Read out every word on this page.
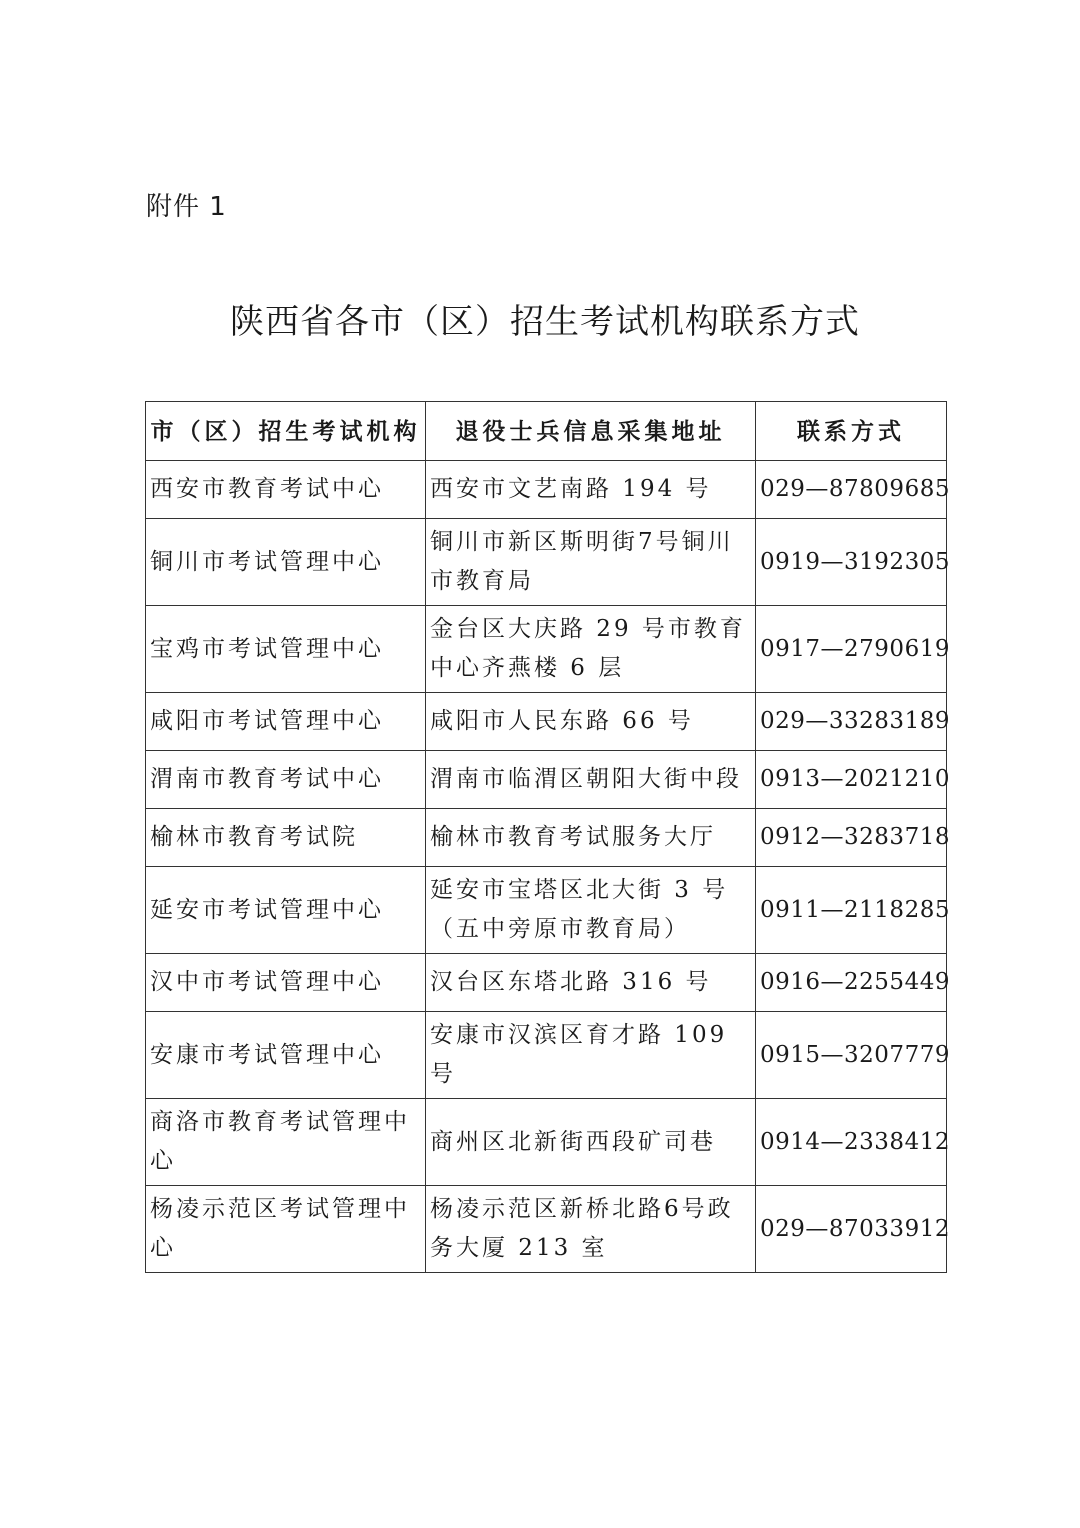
附件 1
陕西省各市（区）招生考试机构联系方式
市（区）招生考试机构	退役士兵信息采集地址	联系方式
西安市教育考试中心	西安市文艺南路 194 号	029—87809685
铜川市考试管理中心	铜川市新区斯明街7号铜川市教育局	0919—3192305
宝鸡市考试管理中心	金台区大庆路 29 号市教育中心齐燕楼 6 层	0917—2790619
咸阳市考试管理中心	咸阳市人民东路 66 号	029—33283189
渭南市教育考试中心	渭南市临渭区朝阳大街中段	0913—2021210
榆林市教育考试院	榆林市教育考试服务大厅	0912—3283718
延安市考试管理中心	延安市宝塔区北大街 3 号（五中旁原市教育局）	0911—2118285
汉中市考试管理中心	汉台区东塔北路 316 号	0916—2255449
安康市考试管理中心	安康市汉滨区育才路 109 号	0915—3207779
商洛市教育考试管理中心	商州区北新街西段矿司巷	0914—2338412
杨凌示范区考试管理中心	杨凌示范区新桥北路6号政务大厦 213 室	029—87033912
